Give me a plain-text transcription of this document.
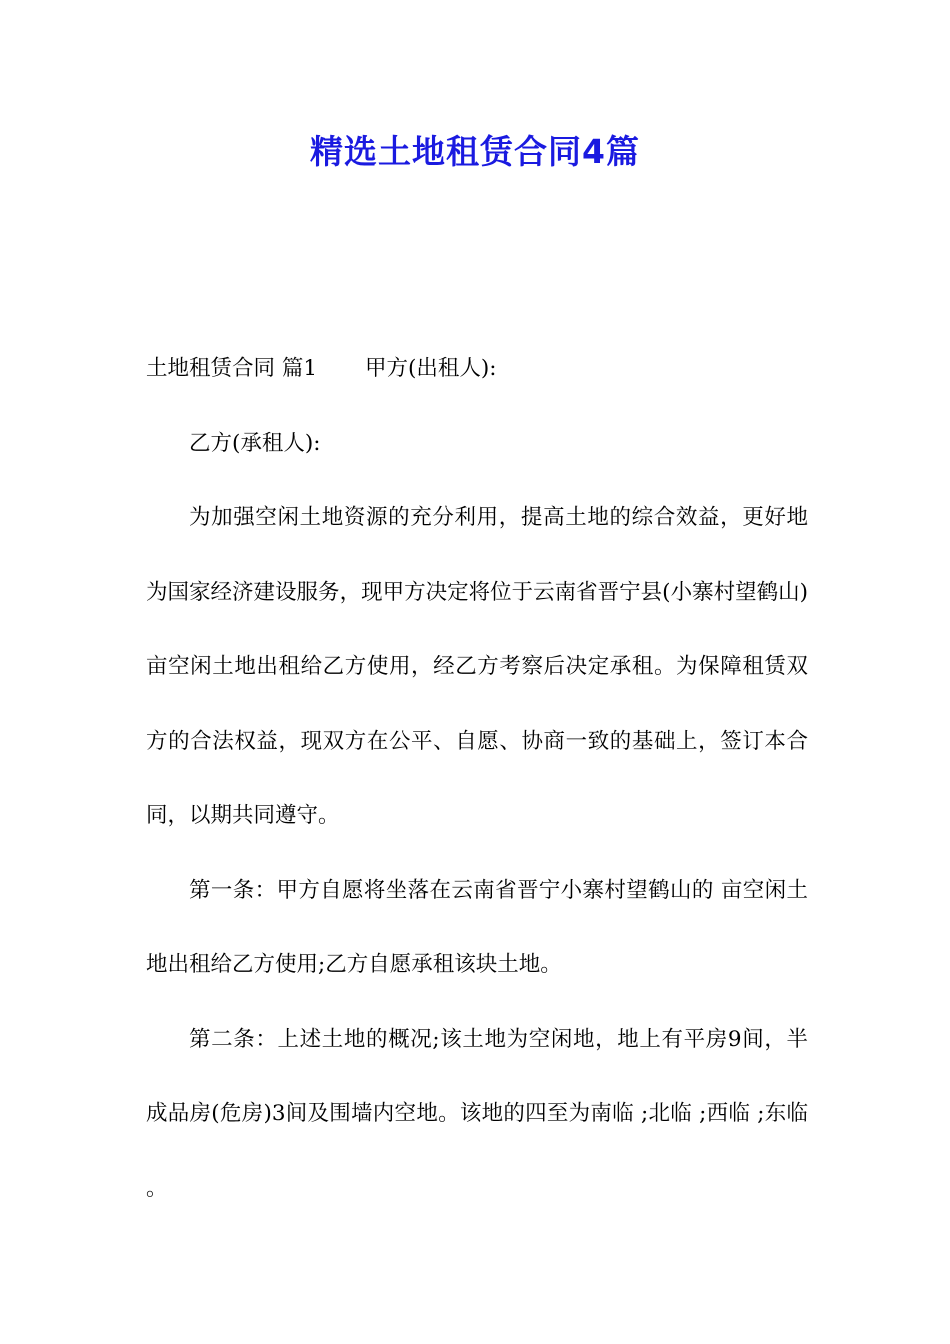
精选土地租赁合同4篇

土地租赁合同 篇1 甲方(出租人):

乙方(承租人):

为加强空闲土地资源的充分利用，提高土地的综合效益，更好地为国家经济建设服务，现甲方决定将位于云南省晋宁县(小寨村望鹤山) 亩空闲土地出租给乙方使用，经乙方考察后决定承租。为保障租赁双方的合法权益，现双方在公平、自愿、协商一致的基础上，签订本合同，以期共同遵守。

第一条：甲方自愿将坐落在云南省晋宁小寨村望鹤山的 亩空闲土地出租给乙方使用;乙方自愿承租该块土地。

第二条：上述土地的概况;该土地为空闲地，地上有平房9间，半成品房(危房)3间及围墙内空地。该地的四至为南临 ;北临 ;西临 ;东临 。
